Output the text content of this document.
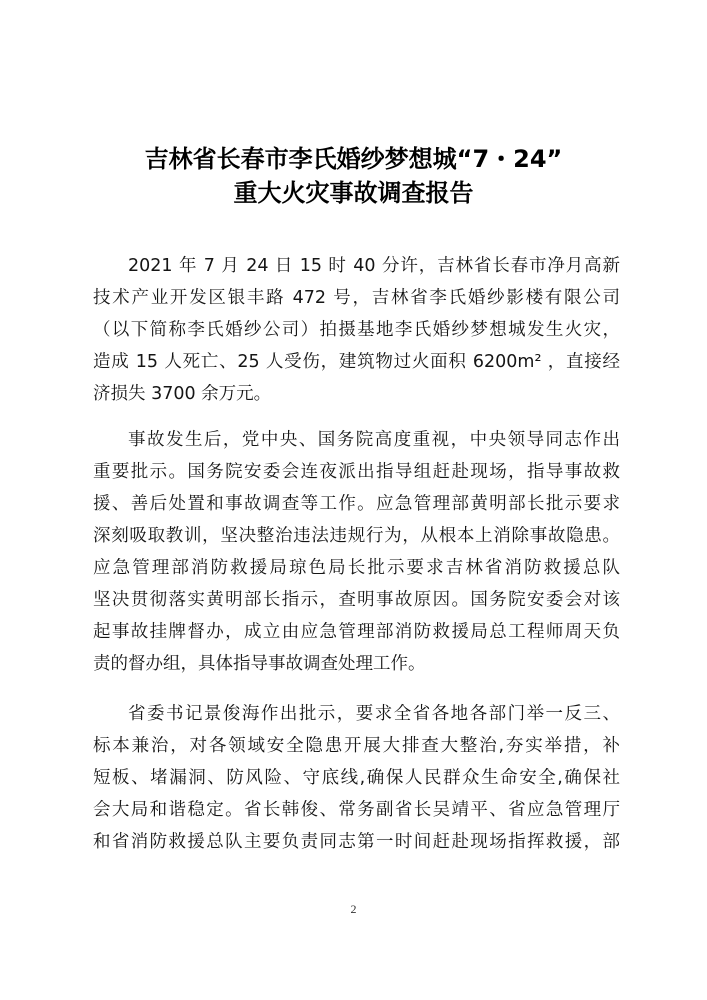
吉林省长春市李氏婚纱梦想城“7・24”
重大火灾事故调查报告
2021 年 7 月 24 日 15 时 40 分许，吉林省长春市净月高新
技术产业开发区银丰路 472 号，吉林省李氏婚纱影楼有限公司
（以下简称李氏婚纱公司）拍摄基地李氏婚纱梦想城发生火灾，
造成 15 人死亡、25 人受伤，建筑物过火面积 6200m² ，直接经
济损失 3700 余万元。
事故发生后，党中央、国务院高度重视，中央领导同志作出
重要批示。国务院安委会连夜派出指导组赶赴现场，指导事故救
援、善后处置和事故调查等工作。应急管理部黄明部长批示要求
深刻吸取教训，坚决整治违法违规行为，从根本上消除事故隐患。
应急管理部消防救援局琼色局长批示要求吉林省消防救援总队
坚决贯彻落实黄明部长指示，查明事故原因。国务院安委会对该
起事故挂牌督办，成立由应急管理部消防救援局总工程师周天负
责的督办组，具体指导事故调查处理工作。
省委书记景俊海作出批示，要求全省各地各部门举一反三、
标本兼治，对各领域安全隐患开展大排查大整治,夯实举措，补
短板、堵漏洞、防风险、守底线,确保人民群众生命安全,确保社
会大局和谐稳定。省长韩俊、常务副省长吴靖平、省应急管理厅
和省消防救援总队主要负责同志第一时间赶赴现场指挥救援，部
2
